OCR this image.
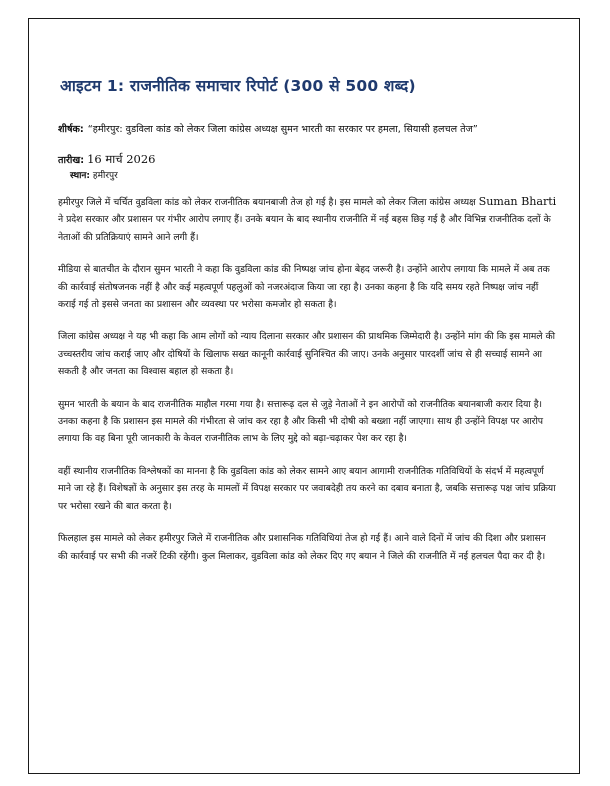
आइटम 1: राजनीतिक समाचार रिपोर्ट (300 से 500 शब्द)
शीर्षक: “हमीरपुर: वुडविला कांड को लेकर जिला कांग्रेस अध्यक्ष सुमन भारती का सरकार पर हमला, सियासी हलचल तेज”
तारीख: 16 मार्च 2026
स्थान: हमीरपुर

हमीरपुर जिले में चर्चित वुडविला कांड को लेकर राजनीतिक बयानबाजी तेज हो गई है। इस मामले को लेकर जिला कांग्रेस अध्यक्ष Suman Bharti ने प्रदेश सरकार और प्रशासन पर गंभीर आरोप लगाए हैं। उनके बयान के बाद स्थानीय राजनीति में नई बहस छिड़ गई है और विभिन्न राजनीतिक दलों के नेताओं की प्रतिक्रियाएं सामने आने लगी हैं।

मीडिया से बातचीत के दौरान सुमन भारती ने कहा कि वुडविला कांड की निष्पक्ष जांच होना बेहद जरूरी है। उन्होंने आरोप लगाया कि मामले में अब तक की कार्रवाई संतोषजनक नहीं है और कई महत्वपूर्ण पहलुओं को नजरअंदाज किया जा रहा है। उनका कहना है कि यदि समय रहते निष्पक्ष जांच नहीं कराई गई तो इससे जनता का प्रशासन और व्यवस्था पर भरोसा कमजोर हो सकता है।

जिला कांग्रेस अध्यक्ष ने यह भी कहा कि आम लोगों को न्याय दिलाना सरकार और प्रशासन की प्राथमिक जिम्मेदारी है। उन्होंने मांग की कि इस मामले की उच्चस्तरीय जांच कराई जाए और दोषियों के खिलाफ सख्त कानूनी कार्रवाई सुनिश्चित की जाए। उनके अनुसार पारदर्शी जांच से ही सच्चाई सामने आ सकती है और जनता का विश्वास बहाल हो सकता है।

सुमन भारती के बयान के बाद राजनीतिक माहौल गरमा गया है। सत्तारूढ़ दल से जुड़े नेताओं ने इन आरोपों को राजनीतिक बयानबाजी करार दिया है। उनका कहना है कि प्रशासन इस मामले की गंभीरता से जांच कर रहा है और किसी भी दोषी को बख्शा नहीं जाएगा। साथ ही उन्होंने विपक्ष पर आरोप लगाया कि वह बिना पूरी जानकारी के केवल राजनीतिक लाभ के लिए मुद्दे को बढ़ा-चढ़ाकर पेश कर रहा है।

वहीं स्थानीय राजनीतिक विश्लेषकों का मानना है कि वुडविला कांड को लेकर सामने आए बयान आगामी राजनीतिक गतिविधियों के संदर्भ में महत्वपूर्ण माने जा रहे हैं। विशेषज्ञों के अनुसार इस तरह के मामलों में विपक्ष सरकार पर जवाबदेही तय करने का दबाव बनाता है, जबकि सत्तारूढ़ पक्ष जांच प्रक्रिया पर भरोसा रखने की बात करता है।

फिलहाल इस मामले को लेकर हमीरपुर जिले में राजनीतिक और प्रशासनिक गतिविधियां तेज हो गई हैं। आने वाले दिनों में जांच की दिशा और प्रशासन की कार्रवाई पर सभी की नजरें टिकी रहेंगी। कुल मिलाकर, वुडविला कांड को लेकर दिए गए बयान ने जिले की राजनीति में नई हलचल पैदा कर दी है।
